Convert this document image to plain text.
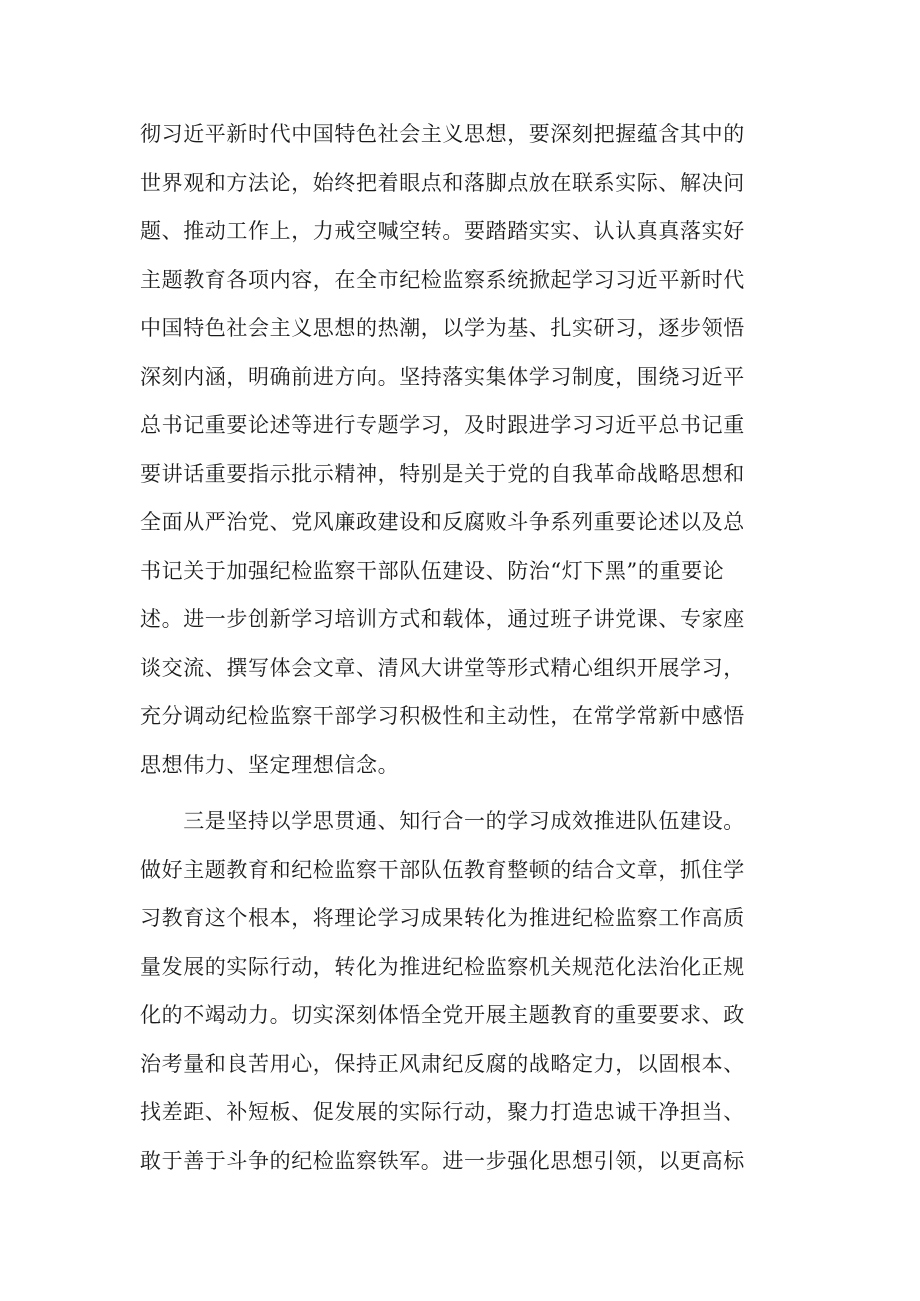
彻习近平新时代中国特色社会主义思想，要深刻把握蕴含其中的
世界观和方法论，始终把着眼点和落脚点放在联系实际、解决问
题、推动工作上，力戒空喊空转。要踏踏实实、认认真真落实好
主题教育各项内容，在全市纪检监察系统掀起学习习近平新时代
中国特色社会主义思想的热潮，以学为基、扎实研习，逐步领悟
深刻内涵，明确前进方向。坚持落实集体学习制度，围绕习近平
总书记重要论述等进行专题学习，及时跟进学习习近平总书记重
要讲话重要指示批示精神，特别是关于党的自我革命战略思想和
全面从严治党、党风廉政建设和反腐败斗争系列重要论述以及总
书记关于加强纪检监察干部队伍建设、防治“灯下黑”的重要论
述。进一步创新学习培训方式和载体，通过班子讲党课、专家座
谈交流、撰写体会文章、清风大讲堂等形式精心组织开展学习，
充分调动纪检监察干部学习积极性和主动性，在常学常新中感悟
思想伟力、坚定理想信念。
　　三是坚持以学思贯通、知行合一的学习成效推进队伍建设。
做好主题教育和纪检监察干部队伍教育整顿的结合文章，抓住学
习教育这个根本，将理论学习成果转化为推进纪检监察工作高质
量发展的实际行动，转化为推进纪检监察机关规范化法治化正规
化的不竭动力。切实深刻体悟全党开展主题教育的重要要求、政
治考量和良苦用心，保持正风肃纪反腐的战略定力，以固根本、
找差距、补短板、促发展的实际行动，聚力打造忠诚干净担当、
敢于善于斗争的纪检监察铁军。进一步强化思想引领，以更高标
